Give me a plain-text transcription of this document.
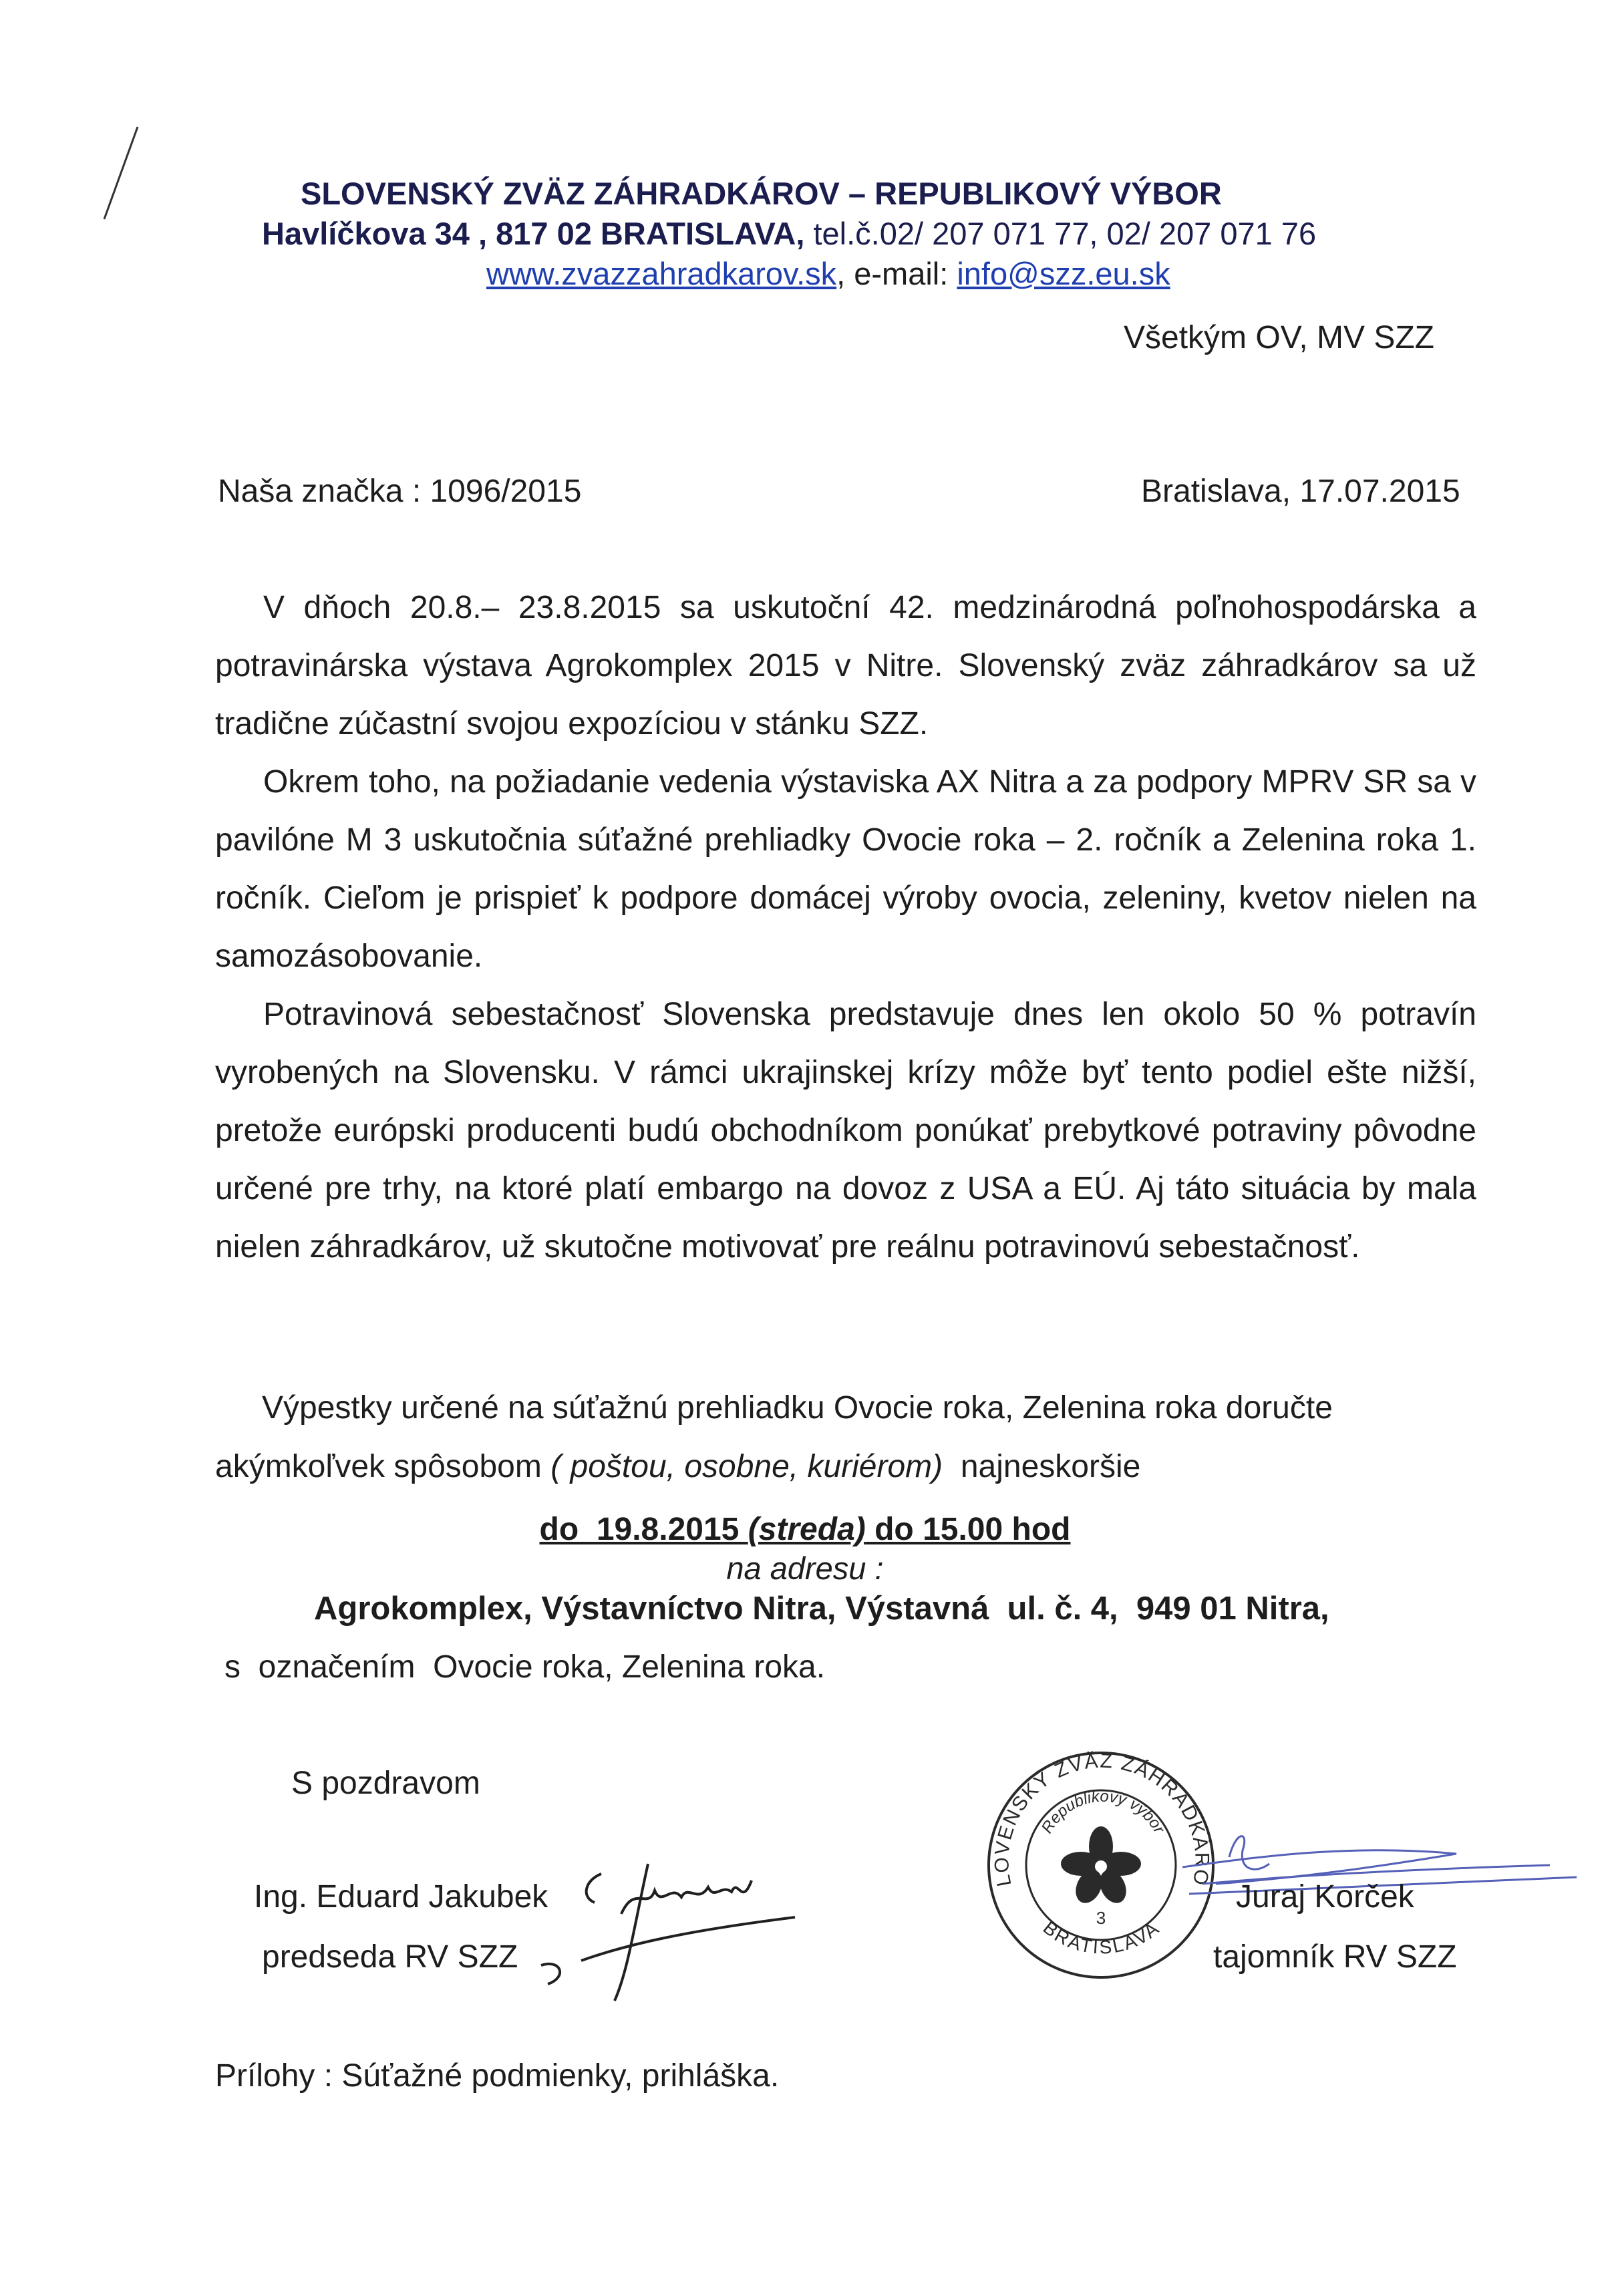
SLOVENSKÝ ZVÄZ ZÁHRADKÁROV – REPUBLIKOVÝ VÝBOR
Havlíčkova 34 , 817 02 BRATISLAVA, tel.č.02/ 207 071 77, 02/ 207 071 76
www.zvazzahradkarov.sk, e-mail: info@szz.eu.sk
Všetkým OV, MV SZZ
Naša značka : 1096/2015	Bratislava, 17.07.2015

V dňoch 20.8.– 23.8.2015 sa uskutoční 42. medzinárodná poľnohospodárska a potravinárska výstava Agrokomplex 2015 v Nitre. Slovenský zväz záhradkárov sa už tradične zúčastní svojou expozíciou v stánku SZZ.

Okrem toho, na požiadanie vedenia výstaviska AX Nitra a za podpory MPRV SR sa v pavilóne M 3 uskutočnia súťažné prehliadky Ovocie roka – 2. ročník a Zelenina roka 1. ročník. Cieľom je prispieť k podpore domácej výroby ovocia, zeleniny, kvetov nielen na samozásobovanie.

Potravinová sebestačnosť Slovenska predstavuje dnes len okolo 50 % potravín vyrobených na Slovensku. V rámci ukrajinskej krízy môže byť tento podiel ešte nižší, pretože európski producenti budú obchodníkom ponúkať prebytkové potraviny pôvodne určené pre trhy, na ktoré platí embargo na dovoz z USA a EÚ. Aj táto situácia by mala nielen záhradkárov, už skutočne motivovať pre reálnu potravinovú sebestačnosť.

Výpestky určené na súťažnú prehliadku Ovocie roka, Zelenina roka doručte
akýmkoľvek spôsobom ( poštou, osobne, kuriérom)  najneskoršie
do  19.8.2015 (streda) do 15.00 hod
na adresu :
Agrokomplex, Výstavníctvo Nitra, Výstavná  ul. č. 4,  949 01 Nitra,
s  označením  Ovocie roka, Zelenina roka.
S pozdravom
Ing. Eduard Jakubek
predseda RV SZZ
SLOVENSKÝ ZVÄZ ZÁHRADKÁROV
Republikový výbor
BRATISLAVA
3
Juraj Korček
tajomník RV SZZ
Prílohy : Súťažné podmienky, prihláška.
